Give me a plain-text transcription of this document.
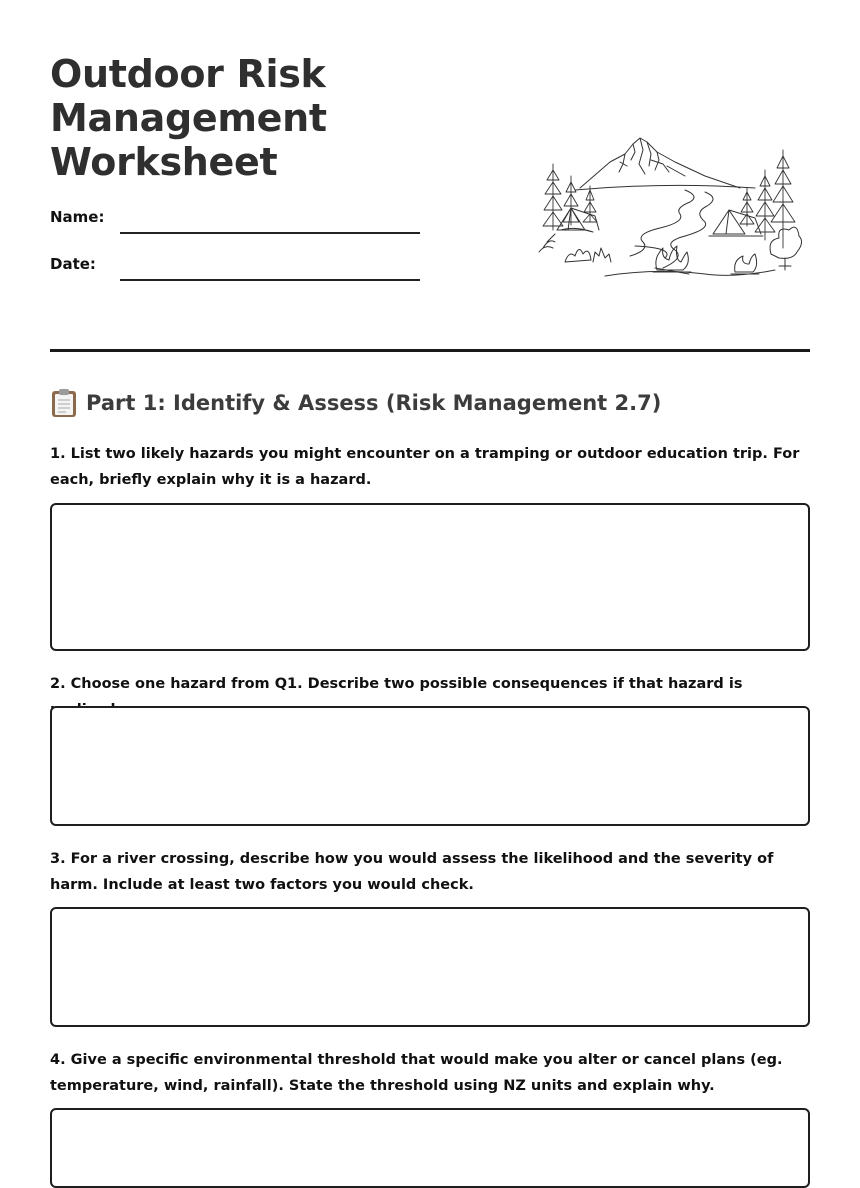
Outdoor Risk
Management
Worksheet
Name:
Date:
Part 1: Identify & Assess (Risk Management 2.7)

1. List two likely hazards you might encounter on a tramping or outdoor education trip. For each, briefly explain why it is a hazard.

2. Choose one hazard from Q1. Describe two possible consequences if that hazard is

3. For a river crossing, describe how you would assess the likelihood and the severity of harm. Include at least two factors you would check.

4. Give a specific environmental threshold that would make you alter or cancel plans (eg. temperature, wind, rainfall). State the threshold using NZ units and explain why.
